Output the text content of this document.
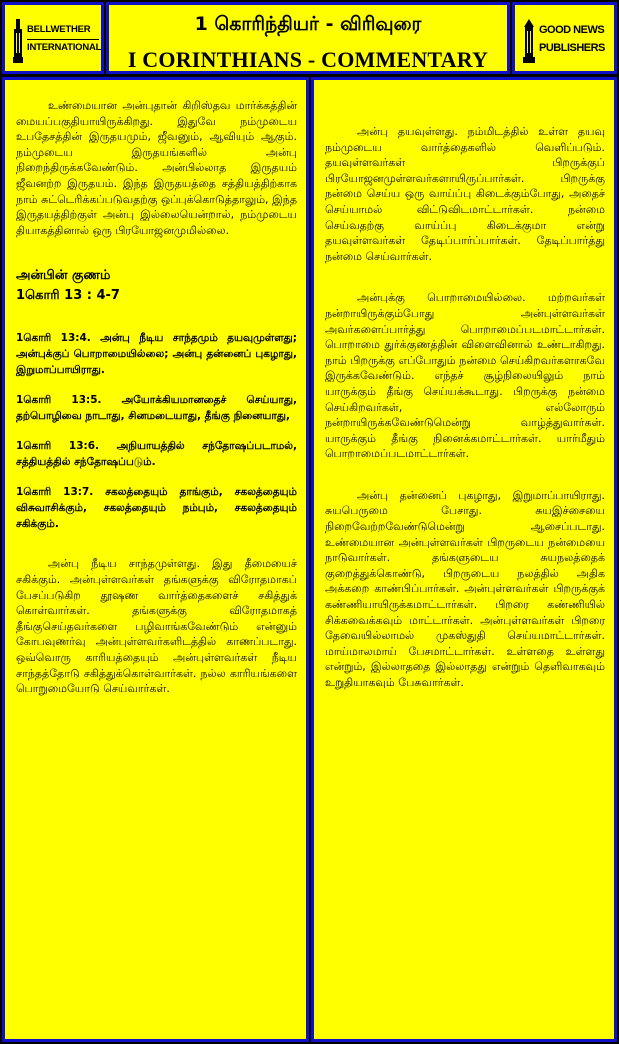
BELLWETHER
INTERNATIONAL
1 கொரிந்தியர் - விரிவுரை
I CORINTHIANS - COMMENTARY
GOOD NEWS
PUBLISHERS

உண்மையான அன்புதான் கிறிஸ்தவ மார்க்கத்தின் மையப்பகுதியாயிருக்கிறது. இதுவே நம்முடைய உபதேசத்தின் இருதயமும், ஜீவனும், ஆவியும் ஆகும். நம்முடைய இருதயங்களில் அன்பு நிறைந்திருக்கவேண்டும். அன்பில்லாத இருதயம் ஜீவனற்ற இருதயம். இந்த இருதயத்தை சத்தியத்திற்காக நாம் சுட்டெரிக்கப்படுவதற்கு ஒப்புக்கொடுத்தாலும், இந்த இருதயத்திற்குள் அன்பு இல்லையென்றால், நம்முடைய தியாகத்தினால் ஒரு பிரயோஜனமுமில்லை.

அன்பின் குணம்

1கொரி 13 : 4-7

1கொரி 13:4. அன்பு நீடிய சாந்தமும் தயவுமுள்ளது; அன்புக்குப் பொறாமையில்லை; அன்பு தன்னைப் புகழாது, இறுமாப்பாயிராது.

1கொரி 13:5. அயோக்கியமானதைச் செய்யாது, தற்பொழிவை நாடாது, சினமடையாது, தீங்கு நினையாது,

1கொரி 13:6. அநியாயத்தில் சந்தோஷப்படாமல், சத்தியத்தில் சந்தோஷப்படும்.

1கொரி 13:7. சகலத்தையும் தாங்கும், சகலத்தையும் விசுவாசிக்கும், சகலத்தையும் நம்பும், சகலத்தையும் சகிக்கும்.

அன்பு நீடிய சாந்தமுள்ளது. இது தீமையைச் சகிக்கும். அன்புள்ளவர்கள் தங்களுக்கு விரோதமாகப் பேசப்படுகிற தூஷண வார்த்தைகளைச் சகித்துக் கொள்வார்கள். தங்களுக்கு விரோதமாகத் தீங்குசெய்தவர்களை பழிவாங்கவேண்டும் என்னும் கோபவுணர்வு அன்புள்ளவர்களிடத்தில் காணப்படாது. ஒவ்வொரு காரியத்தையும் அன்புள்ளவர்கள் நீடிய சாந்தத்தோடு சகித்துக்கொள்வார்கள். நல்ல காரியங்களை பொறுமையோடு செய்வார்கள்.

அன்பு தயவுள்ளது. நம்மிடத்தில் உள்ள தயவு நம்முடைய வார்த்தைகளில் வெளிப்படும். தயவுள்ளவர்கள் பிறருக்குப் பிரயோஜனமுள்ளவர்களாயிருப்பார்கள். பிறருக்கு நன்மை செய்ய ஒரு வாய்ப்பு கிடைக்கும்போது, அதைச் செய்யாமல் விட்டுவிடமாட்டார்கள். நன்மை செய்வதற்கு வாய்ப்பு கிடைக்குமா என்று தயவுள்ளவர்கள் தேடிப்பார்ப்பார்கள். தேடிப்பார்த்து நன்மை செய்வார்கள்.

அன்புக்கு பொறாமையில்லை. மற்றவர்கள் நன்றாயிருக்கும்போது அன்புள்ளவர்கள் அவர்களைப்பார்த்து பொறாமைப்படமாட்டார்கள். பொறாமை துர்க்குணத்தின் விளைவினால் உண்டாகிறது. நாம் பிறருக்கு எப்போதும் நன்மை செய்கிறவர்களாகவே இருக்கவேண்டும். எந்தச் சூழ்நிலையிலும் நாம் யாருக்கும் தீங்கு செய்யக்கூடாது. பிறருக்கு நன்மை செய்கிறவர்கள், எல்லோரும் நன்றாயிருக்கவேண்டுமென்று வாழ்த்துவார்கள். யாருக்கும் தீங்கு நினைக்கமாட்டார்கள். யார்மீதும் பொறாமைப்படமாட்டார்கள்.

அன்பு தன்னைப் புகழாது, இறுமாப்பாயிராது. சுயபெருமை பேசாது. சுயஇச்சையை நிறைவேற்றவேண்டுமென்று ஆசைப்படாது. உண்மையான அன்புள்ளவர்கள் பிறருடைய நன்மையை நாடுவார்கள். தங்களுடைய சுயநலத்தைக் குறைத்துக்கொண்டு, பிறருடைய நலத்தில் அதிக அக்கறை காண்பிப்பார்கள். அன்புள்ளவர்கள் பிறருக்குக் கண்ணியாயிருக்கமாட்டார்கள். பிறரை கண்ணியில் சிக்கவைக்கவும் மாட்டார்கள். அன்புள்ளவர்கள் பிறரை தேவையில்லாமல் முகஸ்துதி செய்யமாட்டார்கள். மாய்மாலமாய் பேசமாட்டார்கள். உள்ளதை உள்ளது என்றும், இல்லாததை இல்லாதது என்றும் தெளிவாகவும் உறுதியாகவும் பேசுவார்கள்.
